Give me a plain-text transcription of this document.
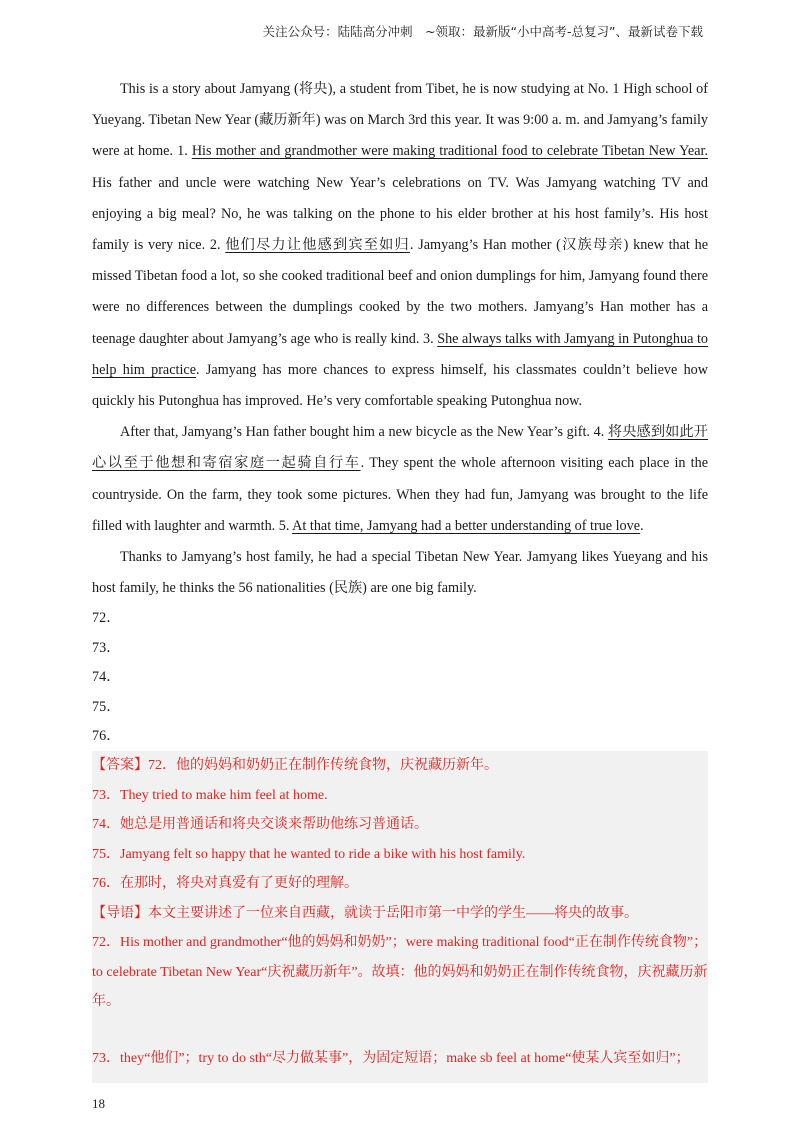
关注公众号：陆陆高分冲刺　~领取：最新版“小中高考-总复习”、最新试卷下载

This is a story about Jamyang (将央), a student from Tibet, he is now studying at No. 1 High school of Yueyang. Tibetan New Year (藏历新年) was on March 3rd this year. It was 9:00 a. m. and Jamyang’s family were at home. 1. His mother and grandmother were making traditional food to celebrate Tibetan New Year. His father and uncle were watching New Year’s celebrations on TV. Was Jamyang watching TV and enjoying a big meal? No, he was talking on the phone to his elder brother at his host family’s. His host family is very nice. 2. 他们尽力让他感到宾至如归. Jamyang’s Han mother (汉族母亲) knew that he missed Tibetan food a lot, so she cooked traditional beef and onion dumplings for him, Jamyang found there were no differences between the dumplings cooked by the two mothers. Jamyang’s Han mother has a teenage daughter about Jamyang’s age who is really kind. 3. She always talks with Jamyang in Putonghua to help him practice. Jamyang has more chances to express himself, his classmates couldn’t believe how quickly his Putonghua has improved. He’s very comfortable speaking Putonghua now.

After that, Jamyang’s Han father bought him a new bicycle as the New Year’s gift. 4. 将央感到如此开心以至于他想和寄宿家庭一起骑自行车. They spent the whole afternoon visiting each place in the countryside. On the farm, they took some pictures. When they had fun, Jamyang was brought to the life filled with laughter and warmth. 5. At that time, Jamyang had a better understanding of true love.

Thanks to Jamyang’s host family, he had a special Tibetan New Year. Jamyang likes Yueyang and his host family, he thinks the 56 nationalities (民族) are one big family.

72．

73．

74．

75．

76．

【答案】72．他的妈妈和奶奶正在制作传统食物，庆祝藏历新年。

73．They tried to make him feel at home.

74．她总是用普通话和将央交谈来帮助他练习普通话。

75．Jamyang felt so happy that he wanted to ride a bike with his host family.

76．在那时，将央对真爱有了更好的理解。

【导语】本文主要讲述了一位来自西藏，就读于岳阳市第一中学的学生——将央的故事。

72．His mother and grandmother“他的妈妈和奶奶”；were making traditional food“正在制作传统食物”；to celebrate Tibetan New Year“庆祝藏历新年”。故填：他的妈妈和奶奶正在制作传统食物，庆祝藏历新年。

73．they“他们”；try to do sth“尽力做某事”，为固定短语；make sb feel at home“使某人宾至如归”；

18
